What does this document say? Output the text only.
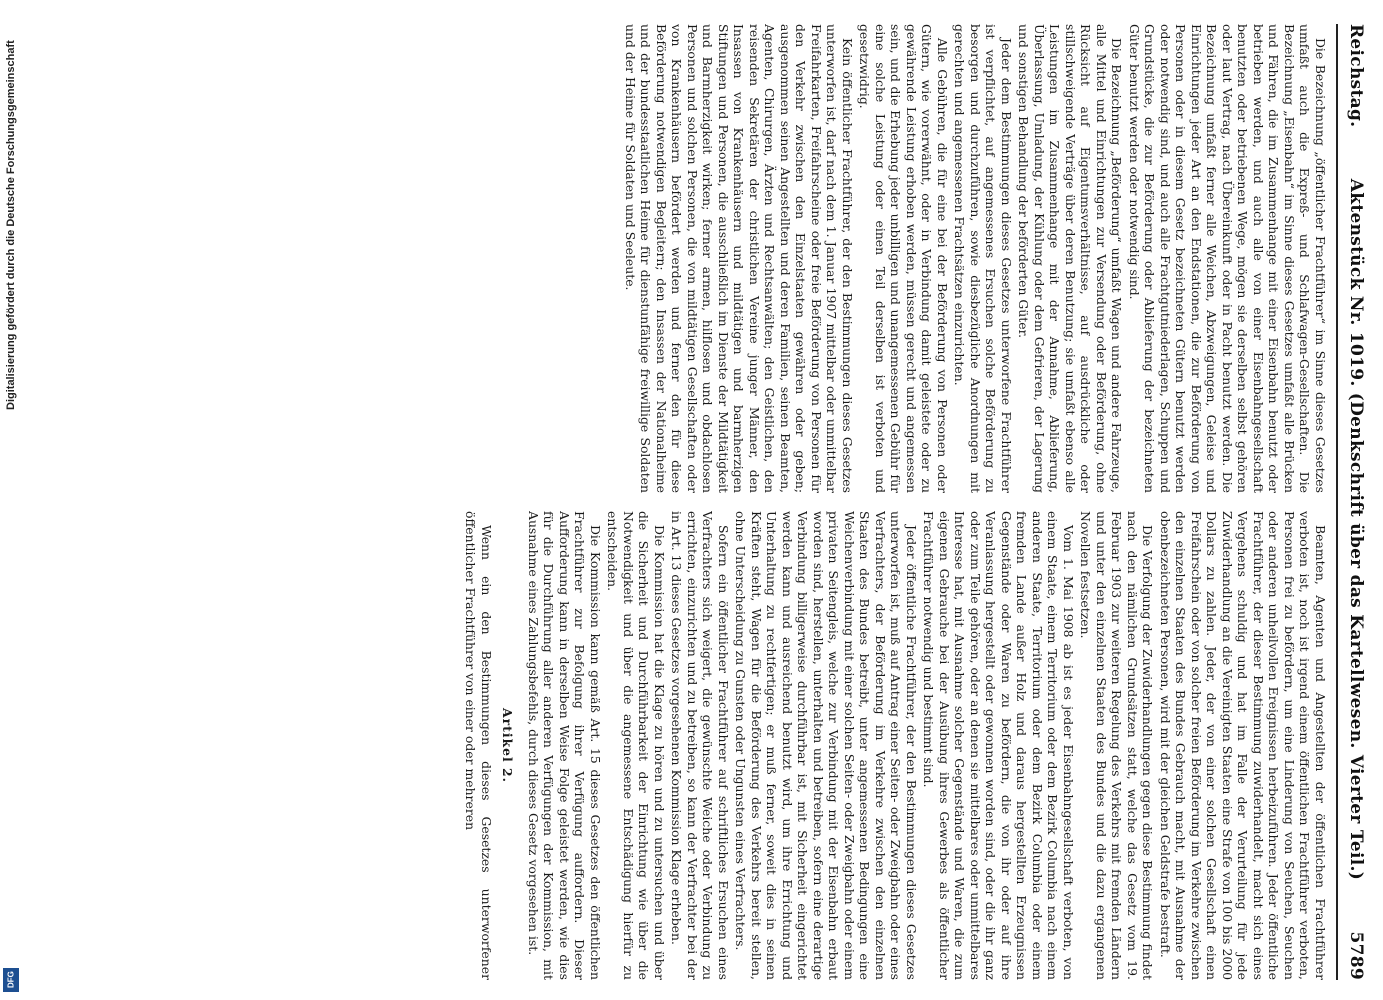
Digitalisierung gefördert durch die Deutsche Forschungsgemeinschaft
DFG
Reichstag.
Aktenstück Nr. 1019. (Denkschrift über das Kartellwesen. Vierter Teil.)
5789

Die Bezeichnung „öffentlicher Frachtführer“ im Sinne dieses Gesetzes umfaßt auch die Expreß- und Schlafwagen-Gesellschaften. Die Bezeichnung „Eisenbahn“ im Sinne dieses Gesetzes umfaßt alle Brücken und Fähren, die im Zusammenhange mit einer Eisenbahn benutzt oder betrieben werden, und auch alle von einer Eisenbahngesellschaft benutzten oder betriebenen Wege, mögen sie derselben selbst gehören oder laut Vertrag, nach Übereinkunft oder in Pacht benutzt werden. Die Bezeichnung umfaßt ferner alle Weichen, Abzweigungen, Geleise und Einrichtungen jeder Art an den Endstationen, die zur Beförderung von Personen oder in diesem Gesetz bezeichneten Gütern benutzt werden oder notwendig sind, und auch alle Frachtgutniederlagen, Schuppen und Grundstücke, die zur Beförderung oder Ablieferung der bezeichneten Güter benutzt werden oder notwendig sind.

Die Bezeichnung „Beförderung“ umfaßt Wagen und andere Fahrzeuge, alle Mittel und Einrichtungen zur Versendung oder Beförderung, ohne Rücksicht auf Eigentumsverhältnisse, auf ausdrückliche oder stillschweigende Verträge über deren Benutzung; sie umfaßt ebenso alle Leistungen im Zusammenhange mit der Annahme, Ablieferung, Überlassung, Umladung, der Kühlung oder dem Gefrieren, der Lagerung und sonstigen Behandlung der beförderten Güter.

Jeder dem Bestimmungen dieses Gesetzes unterworfene Frachtführer ist verpflichtet, auf angemessenes Ersuchen solche Beförderung zu besorgen und durchzuführen, sowie diesbezügliche Anordnungen mit gerechten und angemessenen Frachtsätzen einzurichten.

Alle Gebühren, die für eine bei der Beförderung von Personen oder Gütern, wie vorerwähnt, oder in Verbindung damit geleistete oder zu gewährende Leistung erhoben werden, müssen gerecht und angemessen sein, und die Erhebung jeder unbilligen und unangemessenen Gebühr für eine solche Leistung oder einen Teil derselben ist verboten und gesetzwidrig.

Kein öffentlicher Frachtführer, der den Bestimmungen dieses Gesetzes unterworfen ist, darf nach dem 1. Januar 1907 mittelbar oder unmittelbar Freifahrkarten, Freifahrscheine oder freie Beförderung von Personen für den Verkehr zwischen den Einzelstaaten gewähren oder geben; ausgenommen seinen Angestellten und deren Familien, seinen Beamten, Agenten, Chirurgen, Ärzten und Rechtsanwälten; den Geistlichen, den reisenden Sekretären der christlichen Vereine junger Männer, den Insassen von Krankenhäusern und mildtätigen und barmherzigen Stiftungen und Personen, die ausschließlich im Dienste der Mildtätigkeit und Barmherzigkeit wirken; ferner armen, hilflosen und obdachlosen Personen und solchen Personen, die von mildtätigen Gesellschaften oder von Krankenhäusern befördert werden und ferner den für diese Beförderung notwendigen Begleitern; den Insassen der Nationalheime und der bundesstaatlichen Heime für dienstunfähige freiwillige Soldaten und der Heime für Soldaten und Seeleute.

Beamten, Agenten und Angestellten der öffentlichen Frachtführer verboten ist, noch ist irgend einem öffentlichen Frachtführer verboten, Personen frei zu befördern, um eine Linderung von Seuchen, Seuchen oder anderen unheilvollen Ereignissen herbeizuführen. Jeder öffentliche Frachtführer, der dieser Bestimmung zuwiderhandelt, macht sich eines Vergehens schuldig und hat im Falle der Verurteilung für jede Zuwiderhandlung an die Vereinigten Staaten eine Strafe von 100 bis 2000 Dollars zu zahlen. Jeder, der von einer solchen Gesellschaft einen Freifahrschein oder von solcher freien Beförderung im Verkehre zwischen den einzelnen Staaten des Bundes Gebrauch macht, mit Ausnahme der obenbezeichneten Personen, wird mit der gleichen Geldstrafe bestraft.

Die Verfolgung der Zuwiderhandlungen gegen diese Bestimmung findet nach den nämlichen Grundsätzen statt, welche das Gesetz vom 19. Februar 1903 zur weiteren Regelung des Verkehrs mit fremden Ländern und unter den einzelnen Staaten des Bundes und die dazu ergangenen Novellen festsetzen.

Vom 1. Mai 1908 ab ist es jeder Eisenbahngesellschaft verboten, von einem Staate, einem Territorium oder dem Bezirk Columbia nach einem anderen Staate, Territorium oder dem Bezirk Columbia oder einem fremden Lande außer Holz und daraus hergestellten Erzeugnissen Gegenstände oder Waren zu befördern, die von ihr oder auf ihre Veranlassung hergestellt oder gewonnen worden sind, oder die ihr ganz oder zum Teile gehören, oder an denen sie mittelbares oder unmittelbares Interesse hat, mit Ausnahme solcher Gegenstände und Waren, die zum eigenen Gebrauche bei der Ausübung ihres Gewerbes als öffentlicher Frachtführer notwendig und bestimmt sind.

Jeder öffentliche Frachtführer, der den Bestimmungen dieses Gesetzes unterworfen ist, muß auf Antrag einer Seiten- oder Zweigbahn oder eines Verfrachters, der Beförderung im Verkehre zwischen den einzelnen Staaten des Bundes betreibt, unter angemessenen Bedingungen eine Weichenverbindung mit einer solchen Seiten- oder Zweigbahn oder einem privaten Seitengleis, welche zur Verbindung mit der Eisenbahn erbaut worden sind, herstellen, unterhalten und betreiben, sofern eine derartige Verbindung billigerweise durchführbar ist, mit Sicherheit eingerichtet werden kann und ausreichend benutzt wird, um ihre Errichtung und Unterhaltung zu rechtfertigen; er muß ferner, soweit dies in seinen Kräften steht, Wagen für die Beförderung des Verkehrs bereit stellen, ohne Unterscheidung zu Gunsten oder Ungunsten eines Verfrachters.

Sofern ein öffentlicher Frachtführer auf schriftliches Ersuchen eines Verfrachters sich weigert, die gewünschte Weiche oder Verbindung zu errichten, einzurichten und zu betreiben, so kann der Verfrachter bei der in Art. 13 dieses Gesetzes vorgesehenen Kommission Klage erheben.

Die Kommission hat die Klage zu hören und zu untersuchen und über die Sicherheit und Durchführbarkeit der Einrichtung wie über die Notwendigkeit und über die angemessene Entschädigung hierfür zu entscheiden.

Die Kommission kann gemäß Art. 15 dieses Gesetzes den öffentlichen Frachtführer zur Befolgung ihrer Verfügung auffordern. Dieser Aufforderung kann in derselben Weise Folge geleistet werden, wie dies für die Durchführung aller anderen Verfügungen der Kommission, mit Ausnahme eines Zahlungsbefehls, durch dieses Gesetz vorgesehen ist.

Artikel 2.

Wenn ein den Bestimmungen dieses Gesetzes unterworfener öffentlicher Frachtführer von einer oder mehreren
